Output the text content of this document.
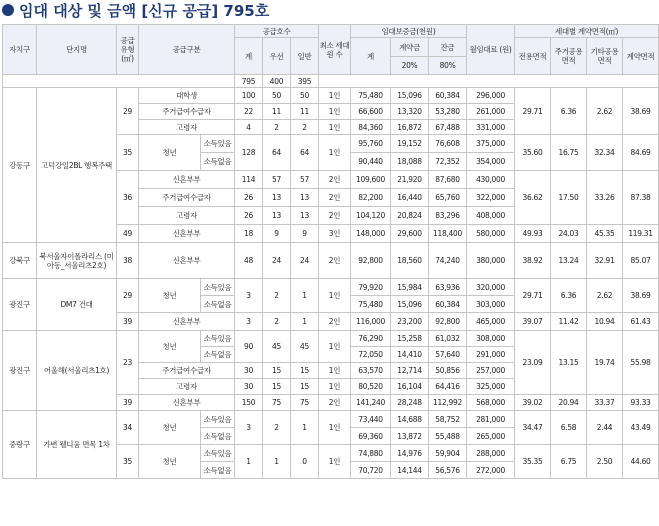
임대 대상 및 금액 [신규 공급] 795호
자치구	단지명	공급 유형 (㎡)	공급구분		공급호수			최소 세대원 수	임대보증금(천원)			월임대료 (원)	세대별 계약면적(㎡)			
					계	우선	일반		계	계약금	잔금		전용면적	주거공용 면적	기타공용 면적	계약면적
										20%	80%					
					795	400	395									
강동구	고덕강일2BL 행복주택	29	대학생		100	50	50	1인	75,480	15,096	60,384	296,000	29.71	6.36	2.62	38.69
			주거급여수급자		22	11	11	1인	66,600	13,320	53,280	261,000				
			고령자		4	2	2	1인	84,360	16,872	67,488	331,000				
		35	청년	소득있음	128	64	64	1인	95,760	19,152	76,608	375,000	35.60	16.75	32.34	84.69
				소득없음					90,440	18,088	72,352	354,000				
		36	신혼부부		114	57	57	2인	109,600	21,920	87,680	430,000	36.62	17.50	33.26	87.38
			주거급여수급자		26	13	13	2인	82,200	16,440	65,760	322,000				
			고령자		26	13	13	2인	104,120	20,824	83,296	408,000				
		49	신혼부부		18	9	9	3인	148,000	29,600	118,400	580,000	49.93	24.03	45.35	119.31
강북구	북서울자이폴라리스 (미아동_서울리츠2호)	38	신혼부부		48	24	24	2인	92,800	18,560	74,240	380,000	38.92	13.24	32.91	85.07
광진구	DM7 건대	29	청년	소득있음	3	2	1	1인	79,920	15,984	63,936	320,000	29.71	6.36	2.62	38.69
				소득없음					75,480	15,096	60,384	303,000				
		39	신혼부부		3	2	1	2인	116,000	23,200	92,800	465,000	39.07	11.42	10.94	61.43
광진구	어울해(서울리츠1호)	23	청년	소득있음	90	45	45	1인	76,290	15,258	61,032	308,000	23.09	13.15	19.74	55.98
				소득없음					72,050	14,410	57,640	291,000				
			주거급여수급자		30	15	15	1인	63,570	12,714	50,856	257,000				
			고령자		30	15	15	1인	80,520	16,104	64,416	325,000				
		39	신혼부부		150	75	75	2인	141,240	28,248	112,992	568,000	39.02	20.94	33.37	93.33
중랑구	가변 웰디움 면목 1차	34	청년	소득있음	3	2	1	1인	73,440	14,688	58,752	281,000	34.47	6.58	2.44	43.49
				소득없음					69,360	13,872	55,488	265,000				
		35	청년	소득있음	1	1	0	1인	74,880	14,976	59,904	288,000	35.35	6.75	2.50	44.60
				소득없음					70,720	14,144	56,576	272,000				
